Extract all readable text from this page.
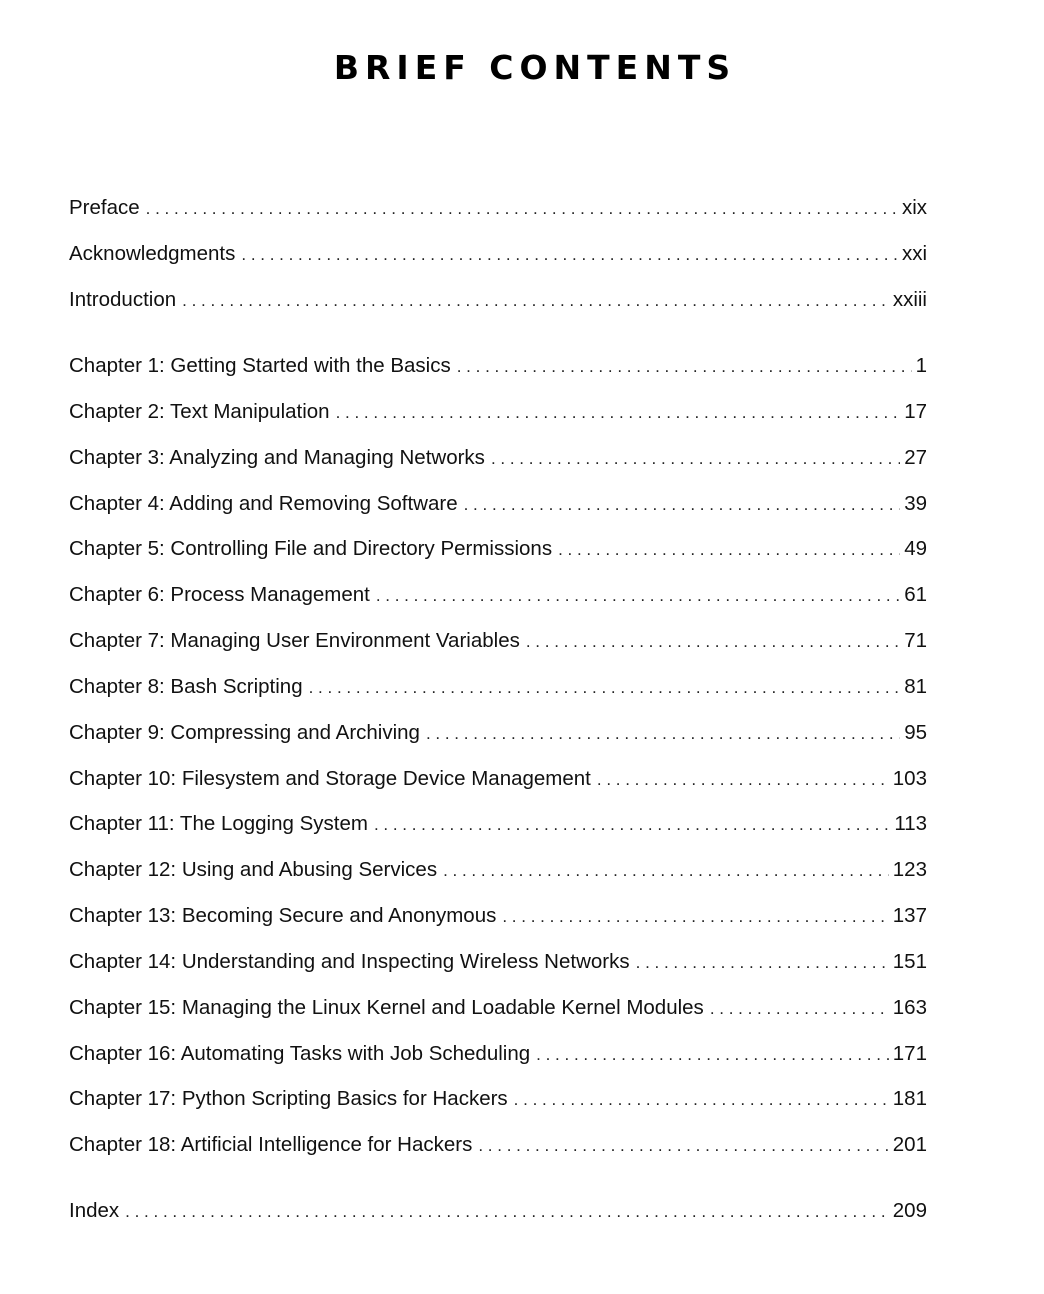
BRIEF CONTENTS
Preface . . .	xix
Acknowledgments . . .	xxi
Introduction . . .	xxiii
Chapter 1: Getting Started with the Basics . . .	1
Chapter 2: Text Manipulation . . .	17
Chapter 3: Analyzing and Managing Networks . . .	27
Chapter 4: Adding and Removing Software . . .	39
Chapter 5: Controlling File and Directory Permissions . . .	49
Chapter 6: Process Management . . .	61
Chapter 7: Managing User Environment Variables . . .	71
Chapter 8: Bash Scripting . . .	81
Chapter 9: Compressing and Archiving . . .	95
Chapter 10: Filesystem and Storage Device Management . . .	103
Chapter 11: The Logging System . . .	113
Chapter 12: Using and Abusing Services . . .	123
Chapter 13: Becoming Secure and Anonymous . . .	137
Chapter 14: Understanding and Inspecting Wireless Networks . . .	151
Chapter 15: Managing the Linux Kernel and Loadable Kernel Modules . . .	163
Chapter 16: Automating Tasks with Job Scheduling . . .	171
Chapter 17: Python Scripting Basics for Hackers . . .	181
Chapter 18: Artificial Intelligence for Hackers . . .	201
Index . . .	209
